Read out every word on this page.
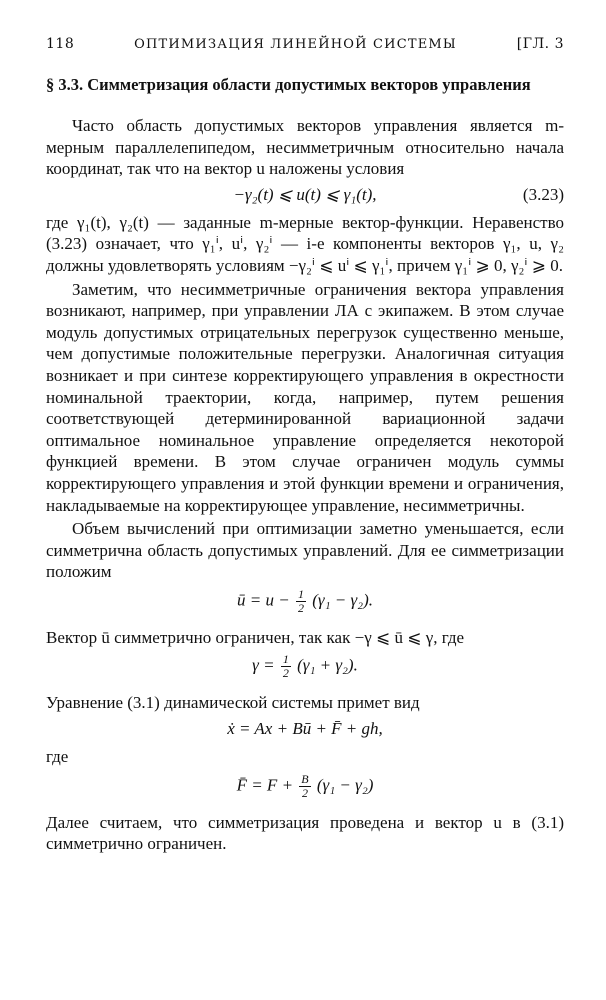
118	ОПТИМИЗАЦИЯ ЛИНЕЙНОЙ СИСТЕМЫ	[ГЛ. 3
§ 3.3. Симметризация области допустимых векторов управления

Часто область допустимых векторов управления является m-мерным параллелепипедом, несимметричным относительно начала координат, так что на вектор u наложены условия

−γ₂(t) ⩽ u(t) ⩽ γ₁(t),	(3.23)

где γ₁(t), γ₂(t) — заданные m-мерные вектор-функции. Неравенство (3.23) означает, что γ₁ⁱ, uⁱ, γ₂ⁱ — i-е компоненты векторов γ₁, u, γ₂ должны удовлетворять условиям −γ₂ⁱ ⩽ uⁱ ⩽ γ₁ⁱ, причем γ₁ⁱ ⩾ 0, γ₂ⁱ ⩾ 0.

Заметим, что несимметричные ограничения вектора управления возникают, например, при управлении ЛА с экипажем. В этом случае модуль допустимых отрицательных перегрузок существенно меньше, чем допустимые положительные перегрузки. Аналогичная ситуация возникает и при синтезе корректирующего управления в окрестности номинальной траектории, когда, например, путем решения соответствующей детерминированной вариационной задачи оптимальное номинальное управление определяется некоторой функцией времени. В этом случае ограничен модуль суммы корректирующего управления и этой функции времени и ограничения, накладываемые на корректирующее управление, несимметричны.

Объем вычислений при оптимизации заметно уменьшается, если симметрична область допустимых управлений. Для ее симметризации положим

ū = $u - \frac{1}{2} (\gamma_1 - \gamma_2)$.

Вектор ū симметрично ограничен, так как −γ ⩽ ū ⩽ γ, где

$\gamma = \frac{1}{2} (\gamma_1 + \gamma_2)$.

Уравнение (3.1) динамической системы примет вид

ẋ = Ax + Bū + F̄ + gh,

где

F̄ = $F + \frac{B}{2} (\gamma_1 - \gamma_2)$

Далее считаем, что симметризация проведена и вектор u в (3.1) симметрично ограничен.
